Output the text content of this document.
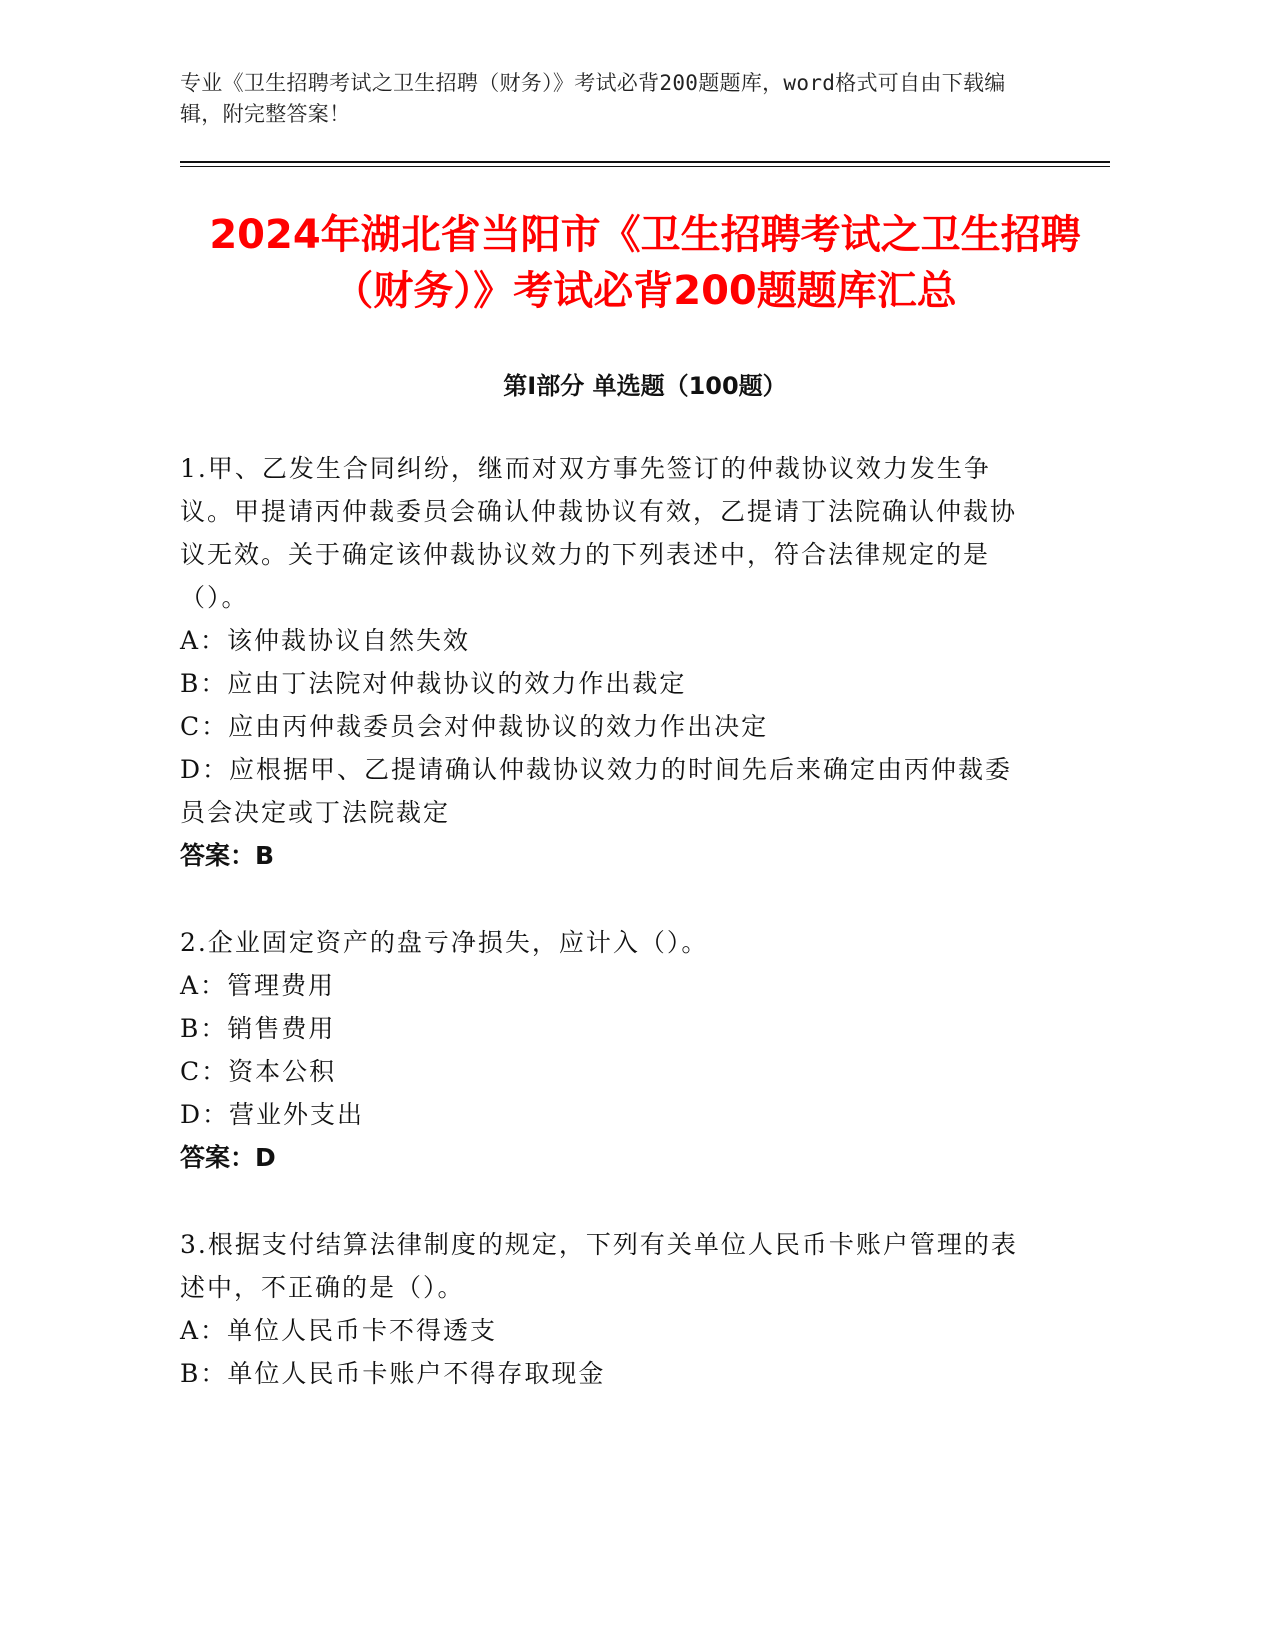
专业《卫生招聘考试之卫生招聘（财务）》考试必背200题题库，word格式可自由下载编辑，附完整答案！
2024年湖北省当阳市《卫生招聘考试之卫生招聘（财务）》考试必背200题题库汇总
第I部分 单选题（100题）
1.甲、乙发生合同纠纷，继而对双方事先签订的仲裁协议效力发生争议。甲提请丙仲裁委员会确认仲裁协议有效，乙提请丁法院确认仲裁协议无效。关于确定该仲裁协议效力的下列表述中，符合法律规定的是（）。
A：该仲裁协议自然失效
B：应由丁法院对仲裁协议的效力作出裁定
C：应由丙仲裁委员会对仲裁协议的效力作出决定
D：应根据甲、乙提请确认仲裁协议效力的时间先后来确定由丙仲裁委员会决定或丁法院裁定
答案：B
2.企业固定资产的盘亏净损失，应计入（）。
A：管理费用
B：销售费用
C：资本公积
D：营业外支出
答案：D
3.根据支付结算法律制度的规定，下列有关单位人民币卡账户管理的表述中，不正确的是（）。
A：单位人民币卡不得透支
B：单位人民币卡账户不得存取现金
